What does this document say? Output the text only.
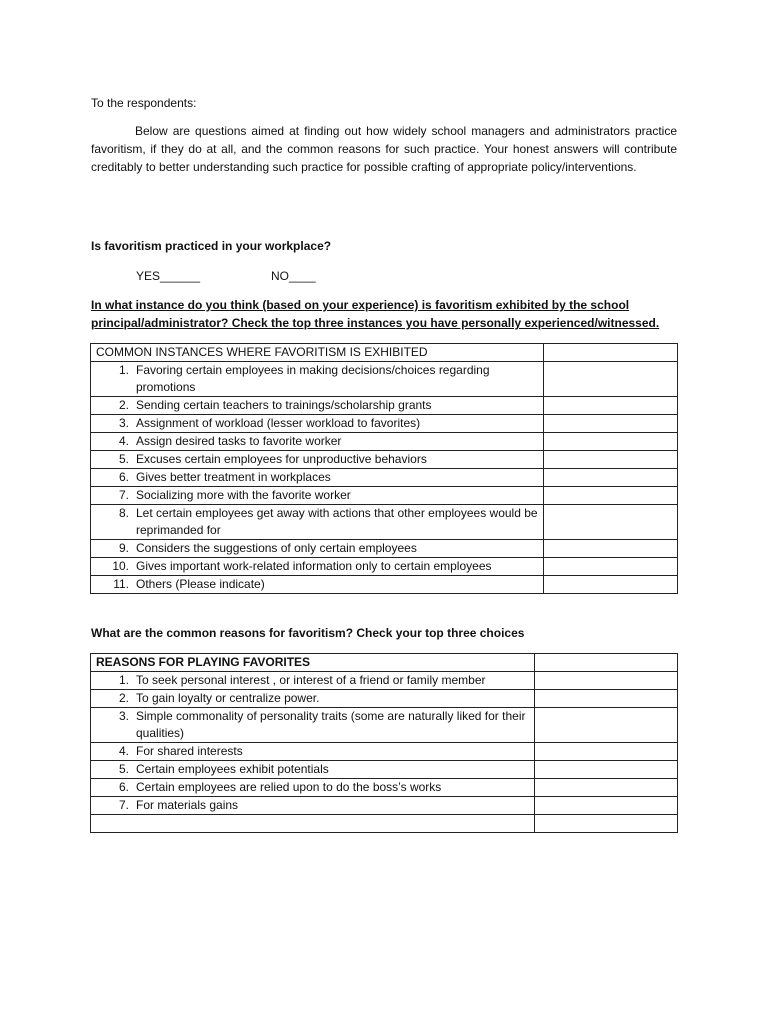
To the respondents:

Below are questions aimed at finding out how widely school managers and administrators practice favoritism, if they do at all, and the common reasons for such practice. Your honest answers will contribute creditably to better understanding such practice for possible crafting of appropriate policy/interventions.

Is favoritism practiced in your workplace?
YES______	NO____
In what instance do you think (based on your experience) is favoritism exhibited by the school principal/administrator? Check the top three instances you have personally experienced/witnessed.
COMMON INSTANCES WHERE FAVORITISM IS EXHIBITED	

1. Favoring certain employees in making decisions/choices regarding promotions	

2. Sending certain teachers to trainings/scholarship grants	

3. Assignment of workload (lesser workload to favorites)	

4. Assign desired tasks to favorite worker	

5. Excuses certain employees for unproductive behaviors	

6. Gives better treatment in workplaces	

7. Socializing more with the favorite worker	

8. Let certain employees get away with actions that other employees would be reprimanded for	

9. Considers the suggestions of only certain employees	

10. Gives important work-related information only to certain employees	

11. Others (Please indicate)	

What are the common reasons for favoritism? Check your top three choices
REASONS FOR PLAYING FAVORITES	

1. To seek personal interest , or interest of a friend or family member	

2. To gain loyalty or centralize power.	

3. Simple commonality of personality traits (some are naturally liked for their qualities)	

4. For shared interests	

5. Certain employees exhibit potentials	

6. Certain employees are relied upon to do the boss’s works	

7. For materials gains	
